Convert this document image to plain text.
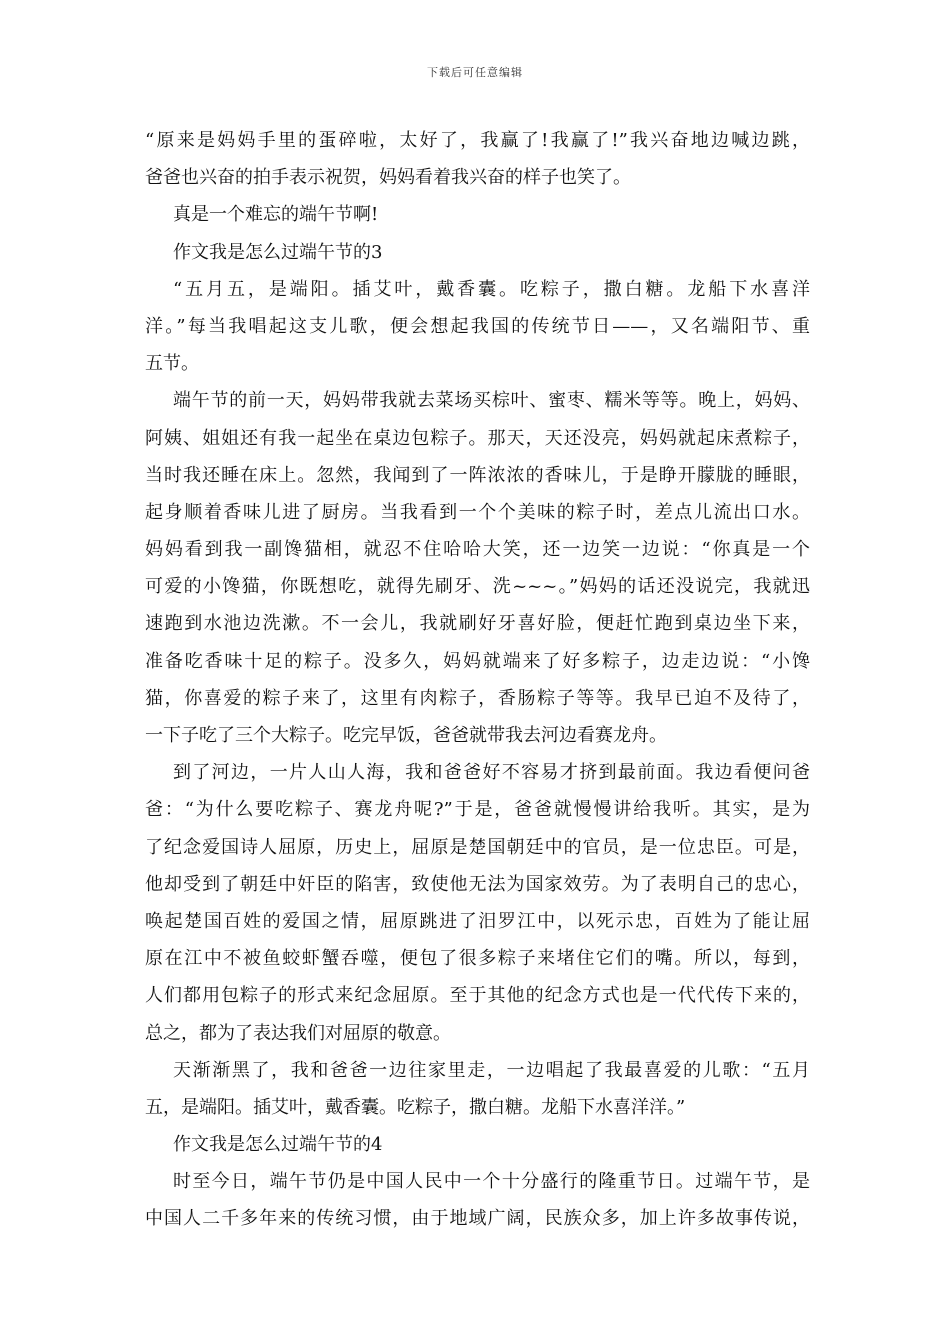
下载后可任意编辑
“原来是妈妈手里的蛋碎啦，太好了，我赢了!我赢了!”我兴奋地边喊边跳，
爸爸也兴奋的拍手表示祝贺，妈妈看着我兴奋的样子也笑了。
真是一个难忘的端午节啊!
作文我是怎么过端午节的3
“五月五，是端阳。插艾叶，戴香囊。吃粽子，撒白糖。龙船下水喜洋
洋。”每当我唱起这支儿歌，便会想起我国的传统节日——，又名端阳节、重
五节。
端午节的前一天，妈妈带我就去菜场买棕叶、蜜枣、糯米等等。晚上，妈妈、
阿姨、姐姐还有我一起坐在桌边包粽子。那天，天还没亮，妈妈就起床煮粽子，
当时我还睡在床上。忽然，我闻到了一阵浓浓的香味儿，于是睁开朦胧的睡眼，
起身顺着香味儿进了厨房。当我看到一个个美味的粽子时，差点儿流出口水。
妈妈看到我一副馋猫相，就忍不住哈哈大笑，还一边笑一边说：“你真是一个
可爱的小馋猫，你既想吃，就得先刷牙、洗~~~。”妈妈的话还没说完，我就迅
速跑到水池边洗漱。不一会儿，我就刷好牙喜好脸，便赶忙跑到桌边坐下来，
准备吃香味十足的粽子。没多久，妈妈就端来了好多粽子，边走边说：“小馋
猫，你喜爱的粽子来了，这里有肉粽子，香肠粽子等等。我早已迫不及待了，
一下子吃了三个大粽子。吃完早饭，爸爸就带我去河边看赛龙舟。
到了河边，一片人山人海，我和爸爸好不容易才挤到最前面。我边看便问爸
爸：“为什么要吃粽子、赛龙舟呢?”于是，爸爸就慢慢讲给我听。其实，是为
了纪念爱国诗人屈原，历史上，屈原是楚国朝廷中的官员，是一位忠臣。可是，
他却受到了朝廷中奸臣的陷害，致使他无法为国家效劳。为了表明自己的忠心，
唤起楚国百姓的爱国之情，屈原跳进了汨罗江中，以死示忠，百姓为了能让屈
原在江中不被鱼蛟虾蟹吞噬，便包了很多粽子来堵住它们的嘴。所以，每到，
人们都用包粽子的形式来纪念屈原。至于其他的纪念方式也是一代代传下来的，
总之，都为了表达我们对屈原的敬意。
天渐渐黑了，我和爸爸一边往家里走，一边唱起了我最喜爱的儿歌：“五月
五，是端阳。插艾叶，戴香囊。吃粽子，撒白糖。龙船下水喜洋洋。”
作文我是怎么过端午节的4
时至今日，端午节仍是中国人民中一个十分盛行的隆重节日。过端午节，是
中国人二千多年来的传统习惯，由于地域广阔，民族众多，加上许多故事传说，
